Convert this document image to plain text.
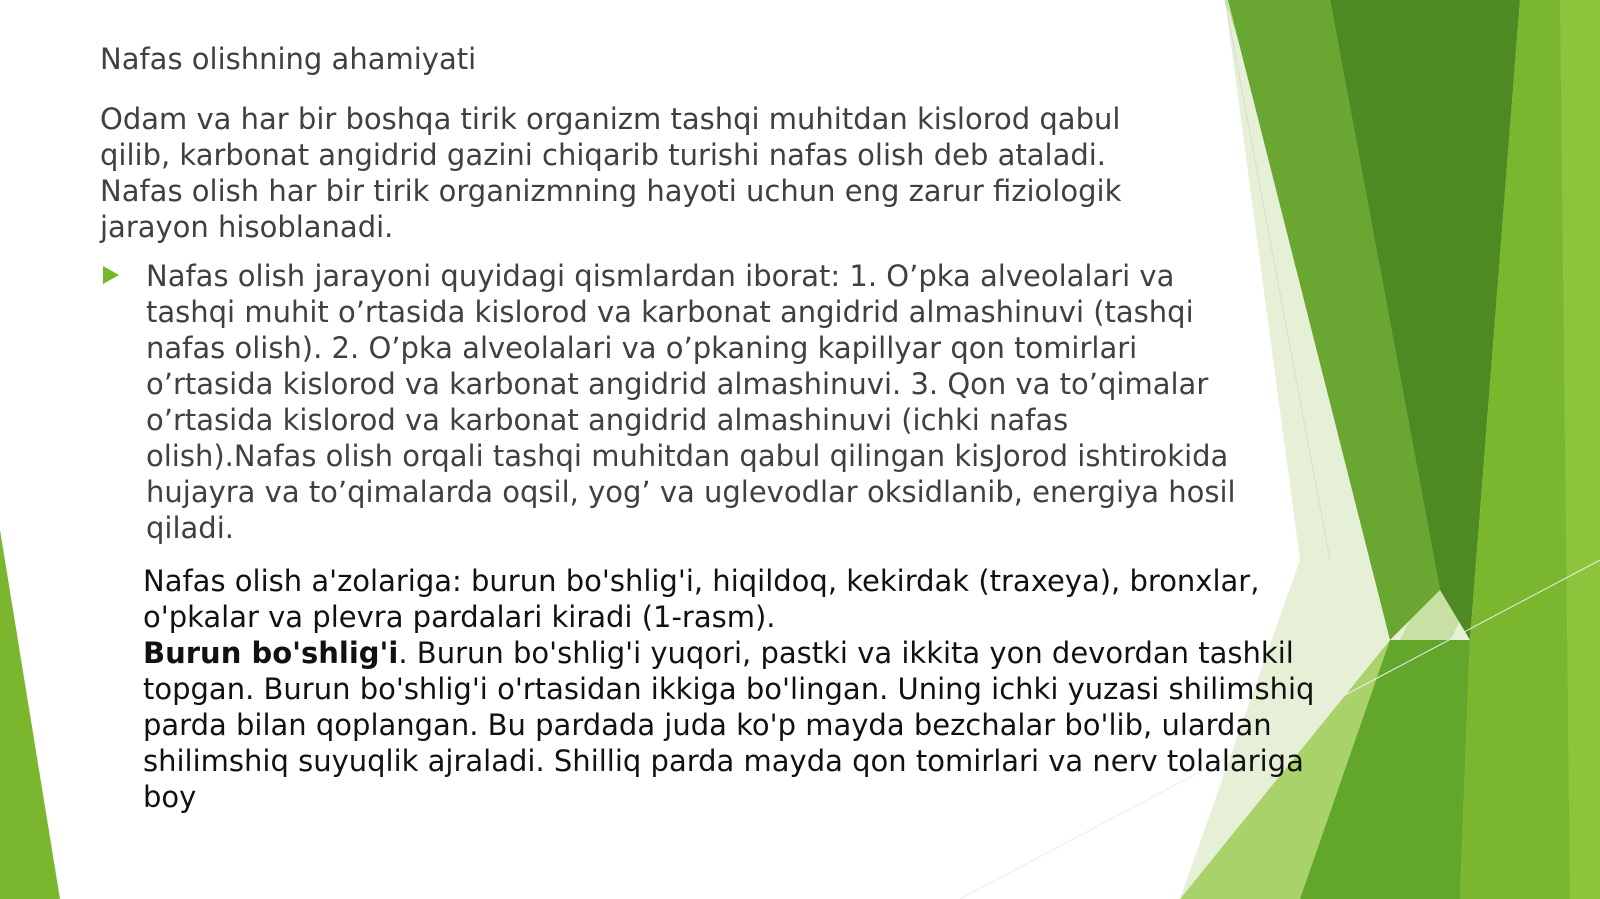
Nafas olishning ahamiyati

Odam va har bir boshqa tirik organizm tashqi muhitdan kislorod qabul qilib, karbonat angidrid gazini chiqarib turishi nafas olish deb ataladi. Nafas olish har bir tirik organizmning hayoti uchun eng zarur fiziologik jarayon hisoblanadi.

Nafas olish jarayoni quyidagi qismlardan iborat: 1. O’pka alveolalari va tashqi muhit o’rtasida kislorod va karbonat angidrid almashinuvi (tashqi nafas olish). 2. O’pka alveolalari va o’pkaning kapillyar qon tomirlari o’rtasida kislorod va karbonat angidrid almashinuvi. 3. Qon va to’qimalar o’rtasida kislorod va karbonat angidrid almashinuvi (ichki nafas olish).Nafas olish orqali tashqi muhitdan qabul qilingan kisJorod ishtirokida hujayra va to’qimalarda oqsil, yog’ va uglevodlar oksidlanib, energiya hosil qiladi.

Nafas olish a'zolariga: burun bo'shlig'i, hiqildoq, kekirdak (traxeya), bronxlar, o'pkalar va plevra pardalari kiradi (1-rasm).
Burun bo'shlig'i. Burun bo'shlig'i yuqori, pastki va ikkita yon devordan tashkil topgan. Burun bo'shlig'i o'rtasidan ikkiga bo'lingan. Uning ichki yuzasi shilimshiq parda bilan qoplangan. Bu pardada juda ko'p mayda bezchalar bo'lib, ulardan shilimshiq suyuqlik ajraladi. Shilliq parda mayda qon tomirlari va nerv tolalariga boy
